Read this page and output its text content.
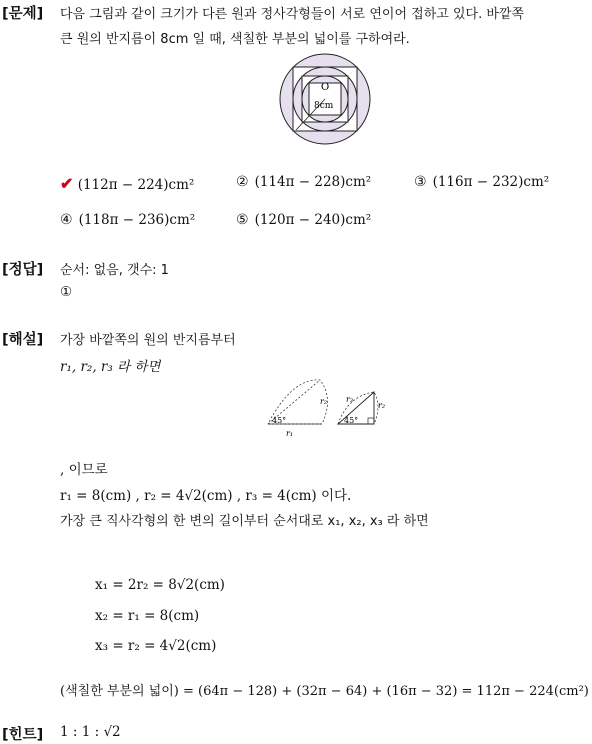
[문제] 다음 그림과 같이 크기가 다른 원과 정사각형들이 서로 연이어 접하고 있다. 바깥쪽
큰 원의 반지름이 8cm 일 때, 색칠한 부분의 넓이를 구하여라.
O
8cm
✔ (112π − 224)cm²	② (114π − 228)cm²	③ (116π − 232)cm²
④ (118π − 236)cm²	⑤ (120π − 240)cm²
[정답] 순서: 없음, 갯수: 1
①
[해설] 가장 바깥쪽의 원의 반지름부터
r₁, r₂, r₃ 라 하면
r₂
45°
r₁
r₃
45°
r₂
, 이므로
r₁ = 8(cm) , r₂ = 4√2(cm) , r₃ = 4(cm) 이다.
가장 큰 직사각형의 한 변의 길이부터 순서대로 x₁, x₂, x₃ 라 하면
x₁ = 2r₂ = 8√2(cm)
x₂ = r₁ = 8(cm)
x₃ = r₂ = 4√2(cm)
(색칠한 부분의 넓이) = (64π − 128) + (32π − 64) + (16π − 32) = 112π − 224(cm²)
[힌트] 1 : 1 : √2
